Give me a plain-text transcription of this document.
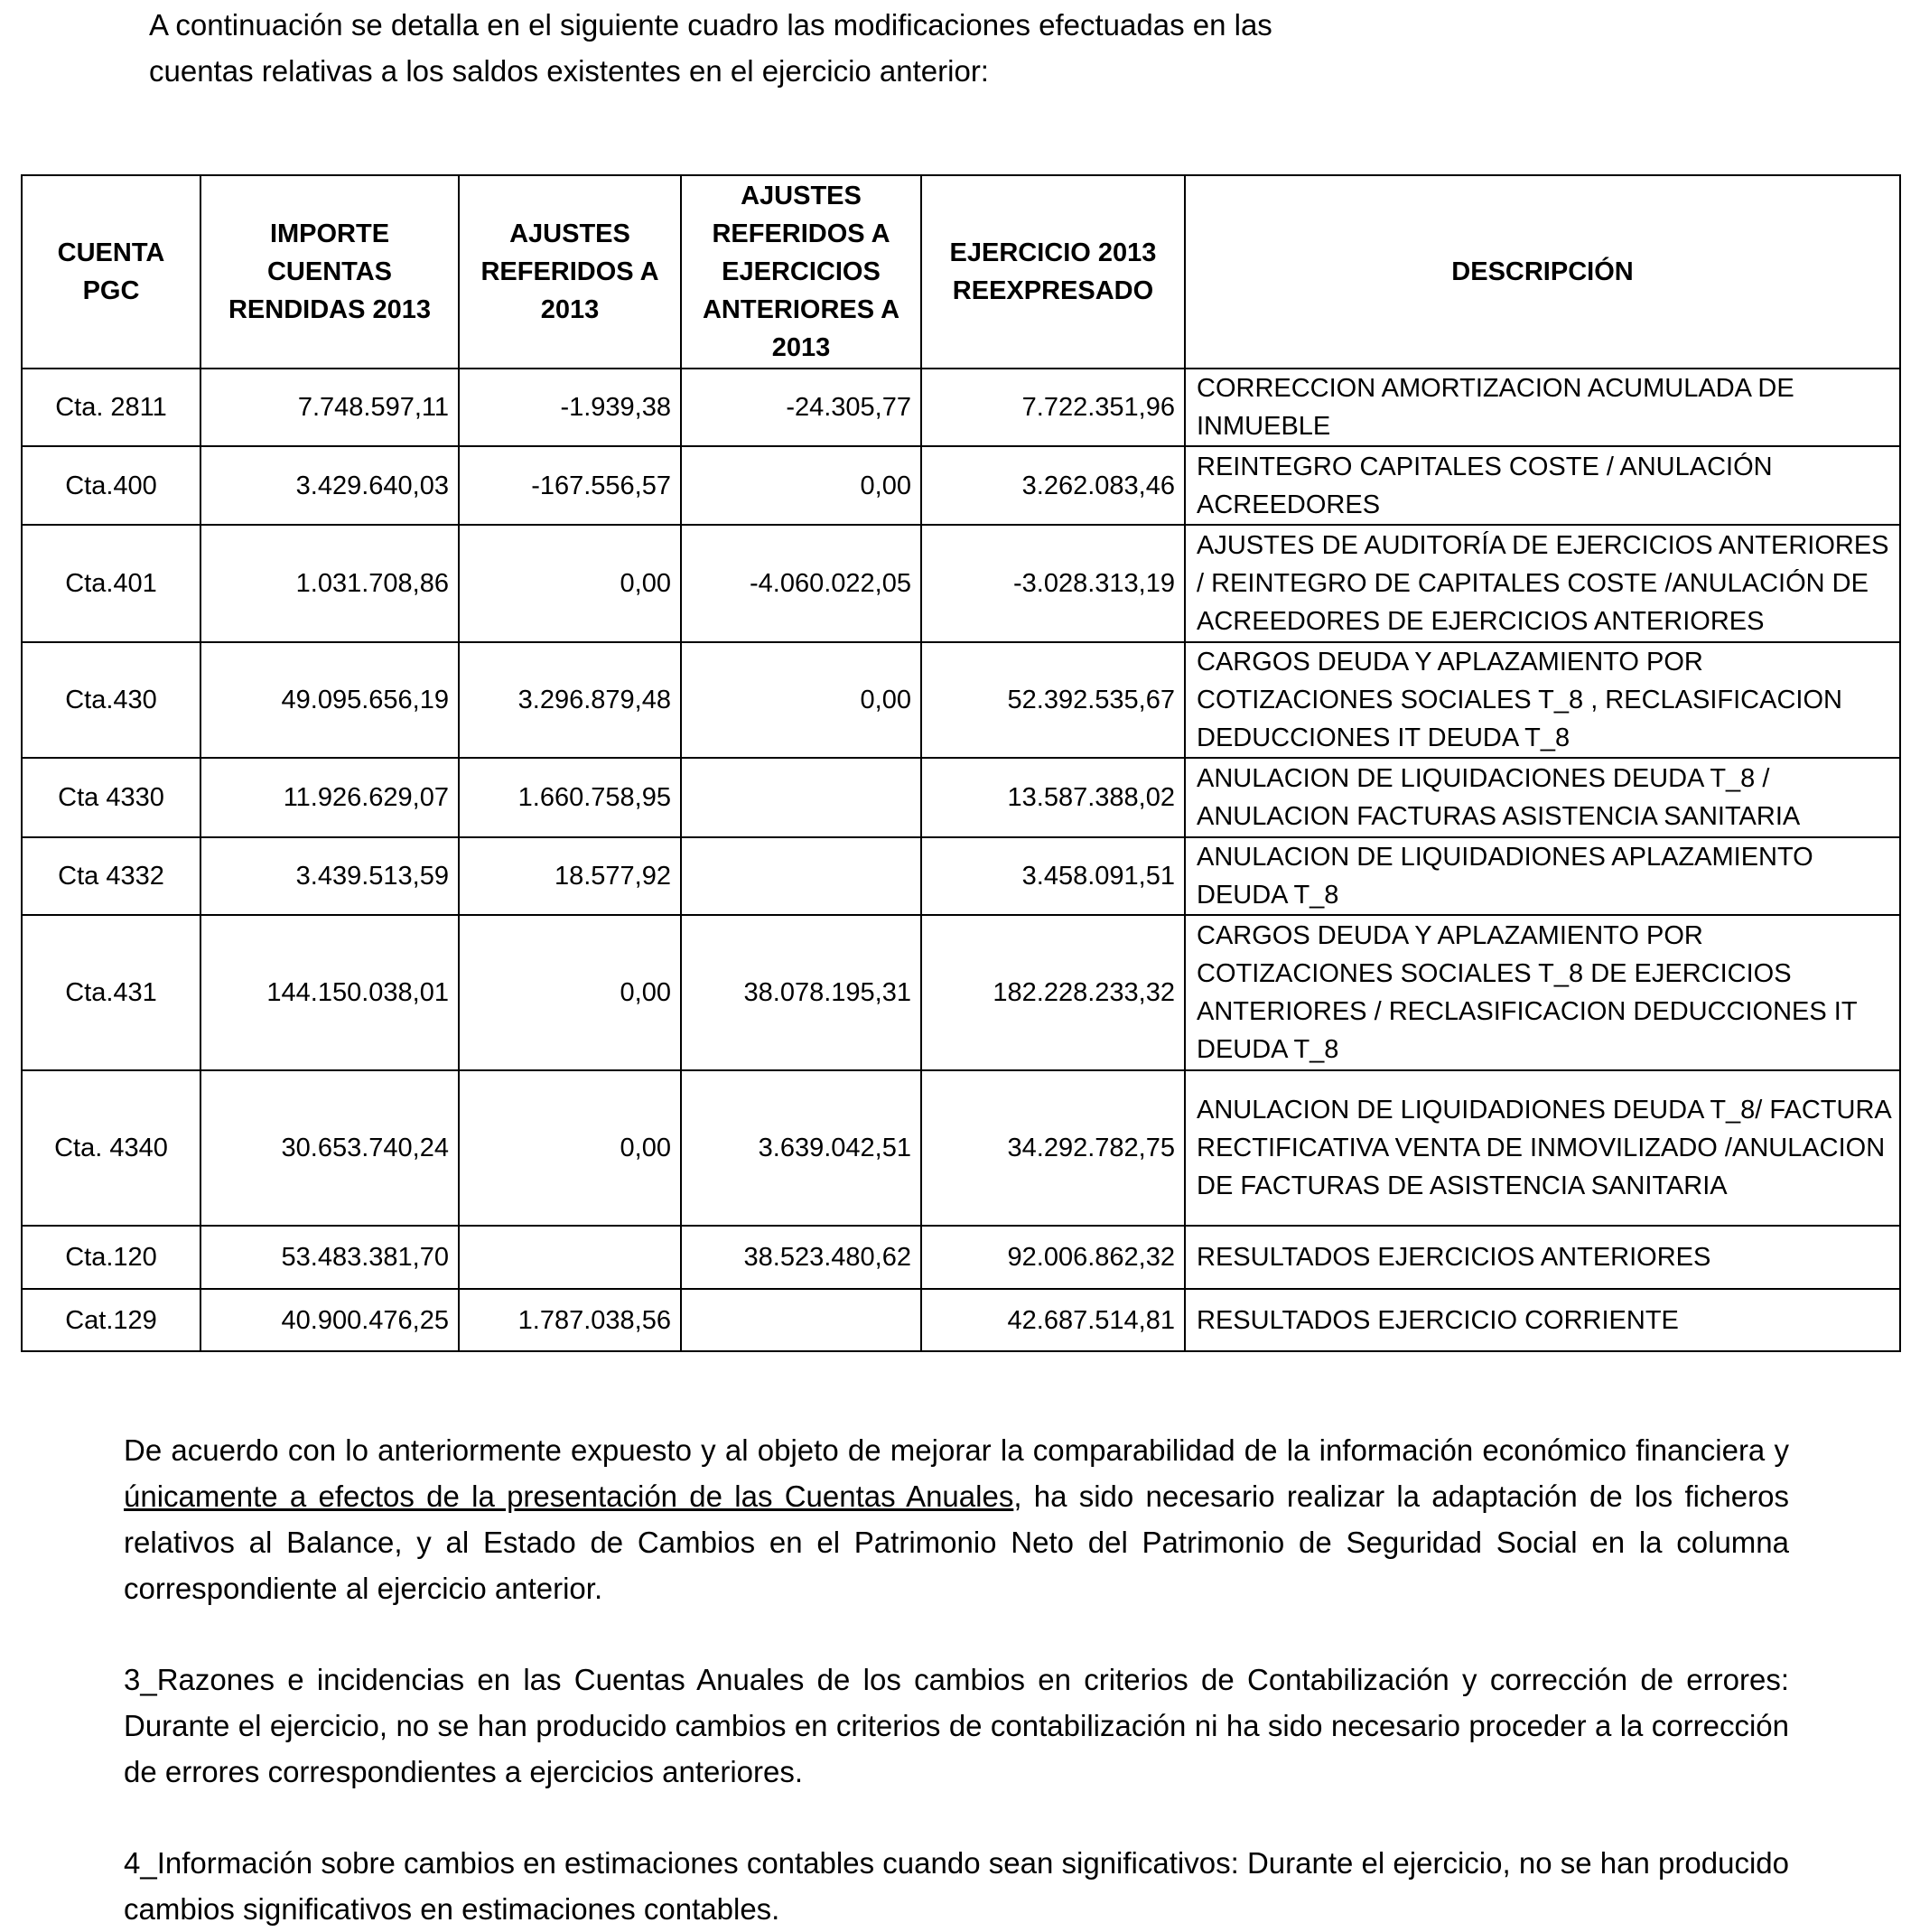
A continuación se detalla en el siguiente cuadro las modificaciones efectuadas en las
cuentas relativas a los saldos existentes en el ejercicio anterior:

CUENTA PGC	IMPORTE CUENTAS RENDIDAS 2013	AJUSTES REFERIDOS A 2013	AJUSTES REFERIDOS A EJERCICIOS ANTERIORES A 2013	EJERCICIO 2013 REEXPRESADO	DESCRIPCIÓN
Cta. 2811	7.748.597,11	-1.939,38	-24.305,77	7.722.351,96	CORRECCION AMORTIZACION ACUMULADA DE INMUEBLE
Cta.400	3.429.640,03	-167.556,57	0,00	3.262.083,46	REINTEGRO CAPITALES COSTE / ANULACIÓN ACREEDORES
Cta.401	1.031.708,86	0,00	-4.060.022,05	-3.028.313,19	AJUSTES DE AUDITORÍA DE EJERCICIOS ANTERIORES / REINTEGRO DE CAPITALES COSTE /ANULACIÓN DE ACREEDORES DE EJERCICIOS ANTERIORES
Cta.430	49.095.656,19	3.296.879,48	0,00	52.392.535,67	CARGOS DEUDA Y APLAZAMIENTO POR COTIZACIONES SOCIALES T_8 , RECLASIFICACION DEDUCCIONES IT DEUDA T_8
Cta 4330	11.926.629,07	1.660.758,95		13.587.388,02	ANULACION DE LIQUIDACIONES DEUDA T_8 / ANULACION FACTURAS ASISTENCIA SANITARIA
Cta 4332	3.439.513,59	18.577,92		3.458.091,51	ANULACION DE LIQUIDADIONES APLAZAMIENTO DEUDA T_8
Cta.431	144.150.038,01	0,00	38.078.195,31	182.228.233,32	CARGOS DEUDA Y APLAZAMIENTO POR COTIZACIONES SOCIALES T_8 DE EJERCICIOS ANTERIORES / RECLASIFICACION DEDUCCIONES IT DEUDA T_8
Cta. 4340	30.653.740,24	0,00	3.639.042,51	34.292.782,75	ANULACION DE LIQUIDADIONES DEUDA T_8/ FACTURA RECTIFICATIVA VENTA DE INMOVILIZADO /ANULACION DE FACTURAS DE ASISTENCIA SANITARIA
Cta.120	53.483.381,70		38.523.480,62	92.006.862,32	RESULTADOS EJERCICIOS ANTERIORES
Cat.129	40.900.476,25	1.787.038,56		42.687.514,81	RESULTADOS EJERCICIO CORRIENTE

De acuerdo con lo anteriormente expuesto y al objeto de mejorar la comparabilidad de la información económico financiera y únicamente a efectos de la presentación de las Cuentas Anuales, ha sido necesario realizar la adaptación de los ficheros relativos al Balance, y al Estado de Cambios en el Patrimonio Neto del Patrimonio de Seguridad Social en la columna correspondiente al ejercicio anterior.

3_Razones e incidencias en las Cuentas Anuales de los cambios en criterios de Contabilización y corrección de errores: Durante el ejercicio, no se han producido cambios en criterios de contabilización ni ha sido necesario proceder a la corrección de errores correspondientes a ejercicios anteriores.

4_Información sobre cambios en estimaciones contables cuando sean significativos: Durante el ejercicio, no se han producido cambios significativos en estimaciones contables.
